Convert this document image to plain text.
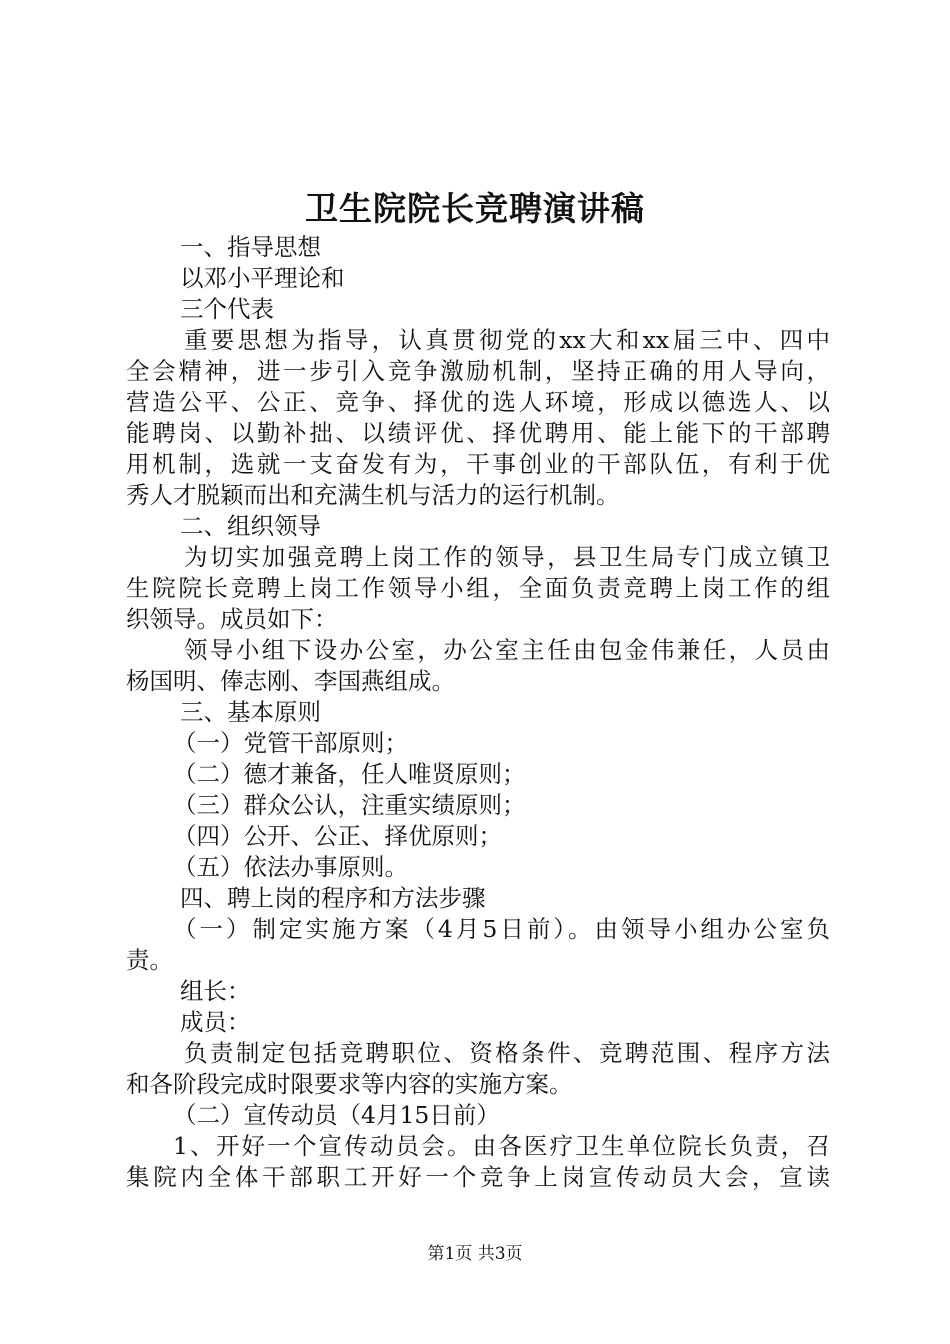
卫生院院长竞聘演讲稿
一、指导思想
以邓小平理论和
三个代表
重要思想为指导，认真贯彻党的xx大和xx届三中、四中
全会精神，进一步引入竞争激励机制，坚持正确的用人导向，
营造公平、公正、竞争、择优的选人环境，形成以德选人、以
能聘岗、以勤补拙、以绩评优、择优聘用、能上能下的干部聘
用机制，选就一支奋发有为，干事创业的干部队伍，有利于优
秀人才脱颖而出和充满生机与活力的运行机制。
二、组织领导
为切实加强竞聘上岗工作的领导，县卫生局专门成立镇卫
生院院长竞聘上岗工作领导小组，全面负责竞聘上岗工作的组
织领导。成员如下：
领导小组下设办公室，办公室主任由包金伟兼任，人员由
杨国明、俸志刚、李国燕组成。
三、基本原则
（一）党管干部原则；
（二）德才兼备，任人唯贤原则；
（三）群众公认，注重实绩原则；
（四）公开、公正、择优原则；
（五）依法办事原则。
四、聘上岗的程序和方法步骤
（一）制定实施方案（4月5日前）。由领导小组办公室负
责。
组长：
成员：
负责制定包括竞聘职位、资格条件、竞聘范围、程序方法
和各阶段完成时限要求等内容的实施方案。
（二）宣传动员（4月15日前）
1、开好一个宣传动员会。由各医疗卫生单位院长负责，召
集院内全体干部职工开好一个竞争上岗宣传动员大会，宣读
第1页 共3页
